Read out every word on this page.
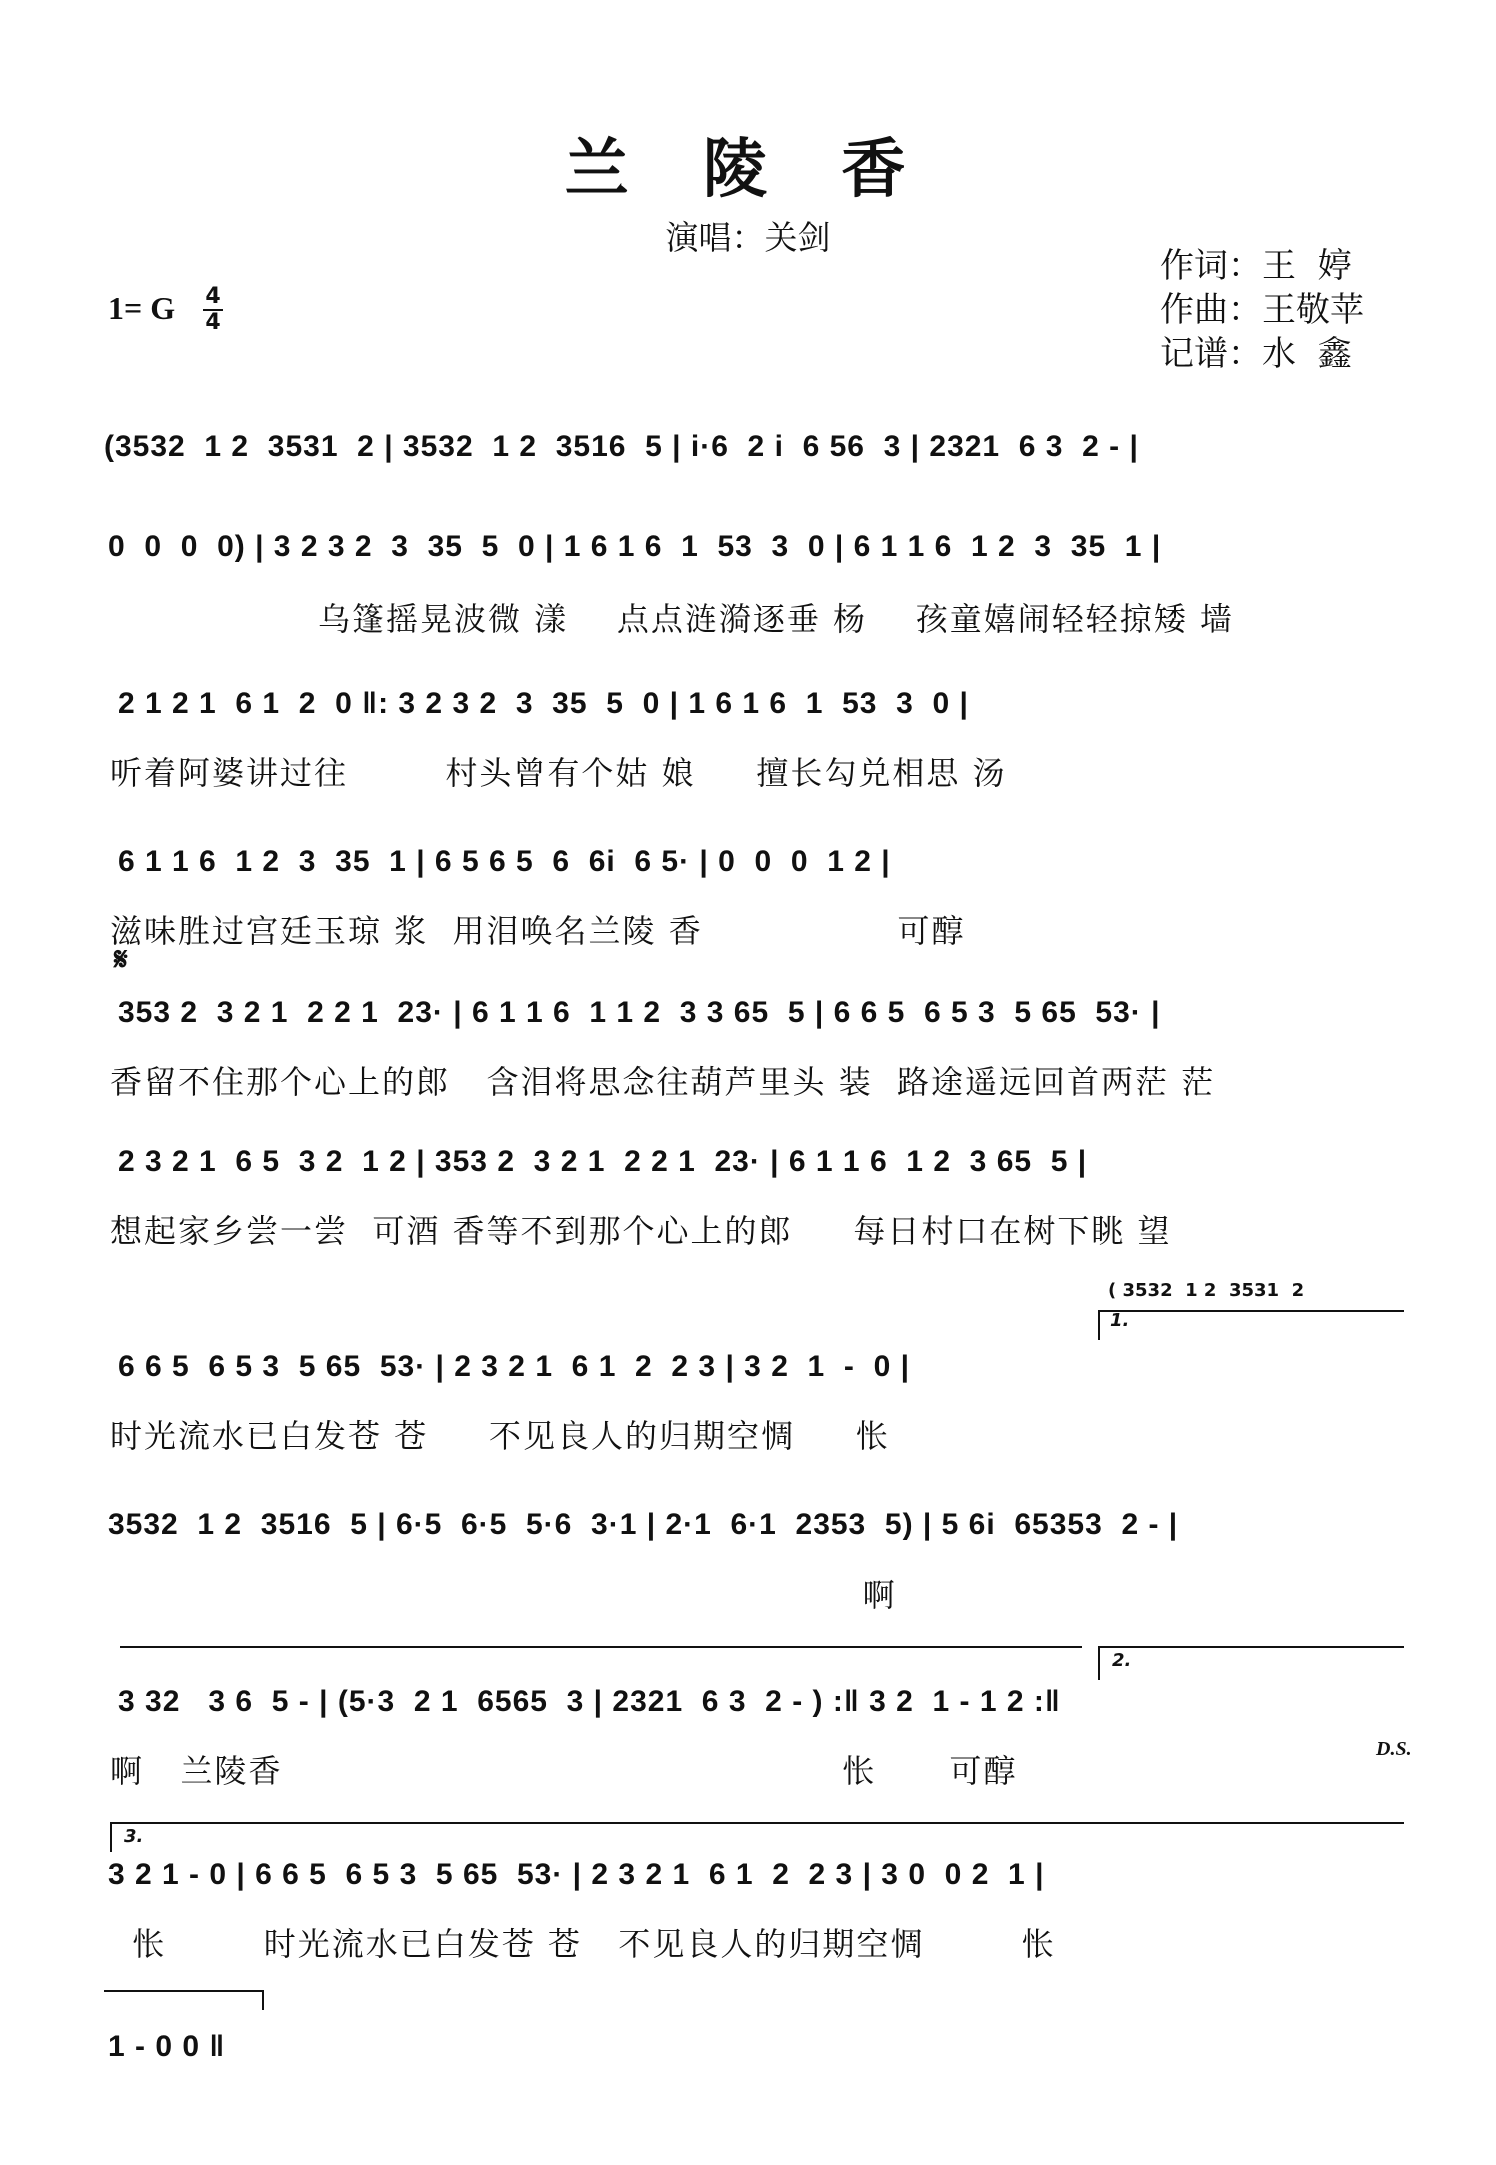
兰 陵 香
演唱：关剑
作词：王  婷
作曲：王敬苹
记谱：水  鑫
1= G 4
4
(3532  1 2  3531  2 | 3532  1 2  3516  5 | i·6  2 i  6 56  3 | 2321  6 3  2 - |
0  0  0  0) | 3 2 3 2  3  35  5  0 | 1 6 1 6  1  53  3  0 | 6 1 1 6  1 2  3  35  1 |
乌篷摇晃波微 漾    点点涟漪逐垂 杨    孩童嬉闹轻轻掠矮 墙
2 1 2 1  6 1  2  0 ‖: 3 2 3 2  3  35  5  0 | 1 6 1 6  1  53  3  0 |
听着阿婆讲过往        村头曾有个姑 娘     擅长勾兑相思 汤
6 1 1 6  1 2  3  35  1 | 6 5 6 5  6  6i  6 5· | 0  0  0  1 2 |
滋味胜过宫廷玉琼 浆  用泪唤名兰陵 香                可醇
𝄋
353 2  3 2 1  2 2 1  23· | 6 1 1 6  1 1 2  3 3 65  5 | 6 6 5  6 5 3  5 65  53· |
香留不住那个心上的郎   含泪将思念往葫芦里头 装  路途遥远回首两茫 茫
2 3 2 1  6 5  3 2  1 2 | 353 2  3 2 1  2 2 1  23· | 6 1 1 6  1 2  3 65  5 |
想起家乡尝一尝  可酒 香等不到那个心上的郎     每日村口在树下眺 望
( 3532  1 2  3531  2
1.
6 6 5  6 5 3  5 65  53· | 2 3 2 1  6 1  2  2 3 | 3 2  1  -  0 |
时光流水已白发苍 苍     不见良人的归期空惆     怅
3532  1 2  3516  5 | 6·5  6·5  5·6  3·1 | 2·1  6·1  2353  5) | 5 6i  65353  2 - |
啊
2.
3 32   3 6  5 - | (5·3  2 1  6565  3 | 2321  6 3  2 - ) :‖ 3 2  1 - 1 2 :‖
啊   兰陵香                                              怅      可醇
D.S.
3.
3 2 1 - 0 | 6 6 5  6 5 3  5 65  53· | 2 3 2 1  6 1  2  2 3 | 3 0  0 2  1 |
怅        时光流水已白发苍 苍   不见良人的归期空惆        怅
1 - 0 0 ‖
